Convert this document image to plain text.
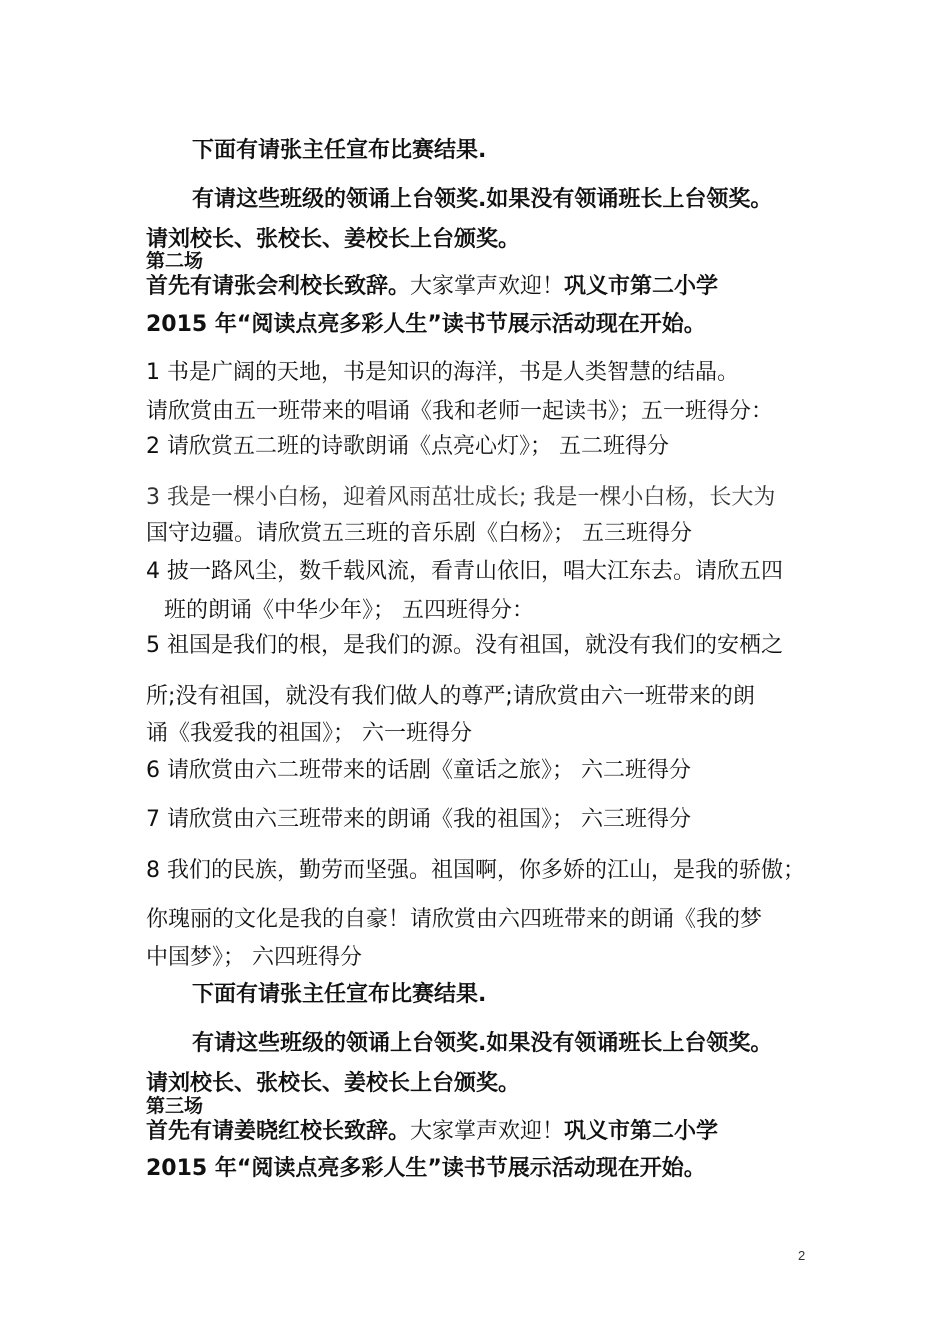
下面有请张主任宣布比赛结果.
有请这些班级的领诵上台领奖.如果没有领诵班长上台领奖。
请刘校长、张校长、姜校长上台颁奖。
第二场
首先有请张会利校长致辞。大家掌声欢迎！巩义市第二小学
2015 年“阅读点亮多彩人生”读书节展示活动现在开始。
1 书是广阔的天地，书是知识的海洋，书是人类智慧的结晶。
请欣赏由五一班带来的唱诵《我和老师一起读书》；五一班得分：
2 请欣赏五二班的诗歌朗诵《点亮心灯》； 五二班得分
3 我是一棵小白杨，迎着风雨茁壮成长; 我是一棵小白杨，长大为
国守边疆。请欣赏五三班的音乐剧《白杨》； 五三班得分
4 披一路风尘，数千载风流，看青山依旧，唱大江东去。请欣五四
班的朗诵《中华少年》； 五四班得分：
5 祖国是我们的根，是我们的源。没有祖国，就没有我们的安栖之
所;没有祖国，就没有我们做人的尊严;请欣赏由六一班带来的朗
诵《我爱我的祖国》； 六一班得分
6 请欣赏由六二班带来的话剧《童话之旅》； 六二班得分
7 请欣赏由六三班带来的朗诵《我的祖国》； 六三班得分
8 我们的民族，勤劳而坚强。祖国啊，你多娇的江山，是我的骄傲；
你瑰丽的文化是我的自豪！请欣赏由六四班带来的朗诵《我的梦
中国梦》； 六四班得分
下面有请张主任宣布比赛结果.
有请这些班级的领诵上台领奖.如果没有领诵班长上台领奖。
请刘校长、张校长、姜校长上台颁奖。
第三场
首先有请姜晓红校长致辞。大家掌声欢迎！巩义市第二小学
2015 年“阅读点亮多彩人生”读书节展示活动现在开始。
2
